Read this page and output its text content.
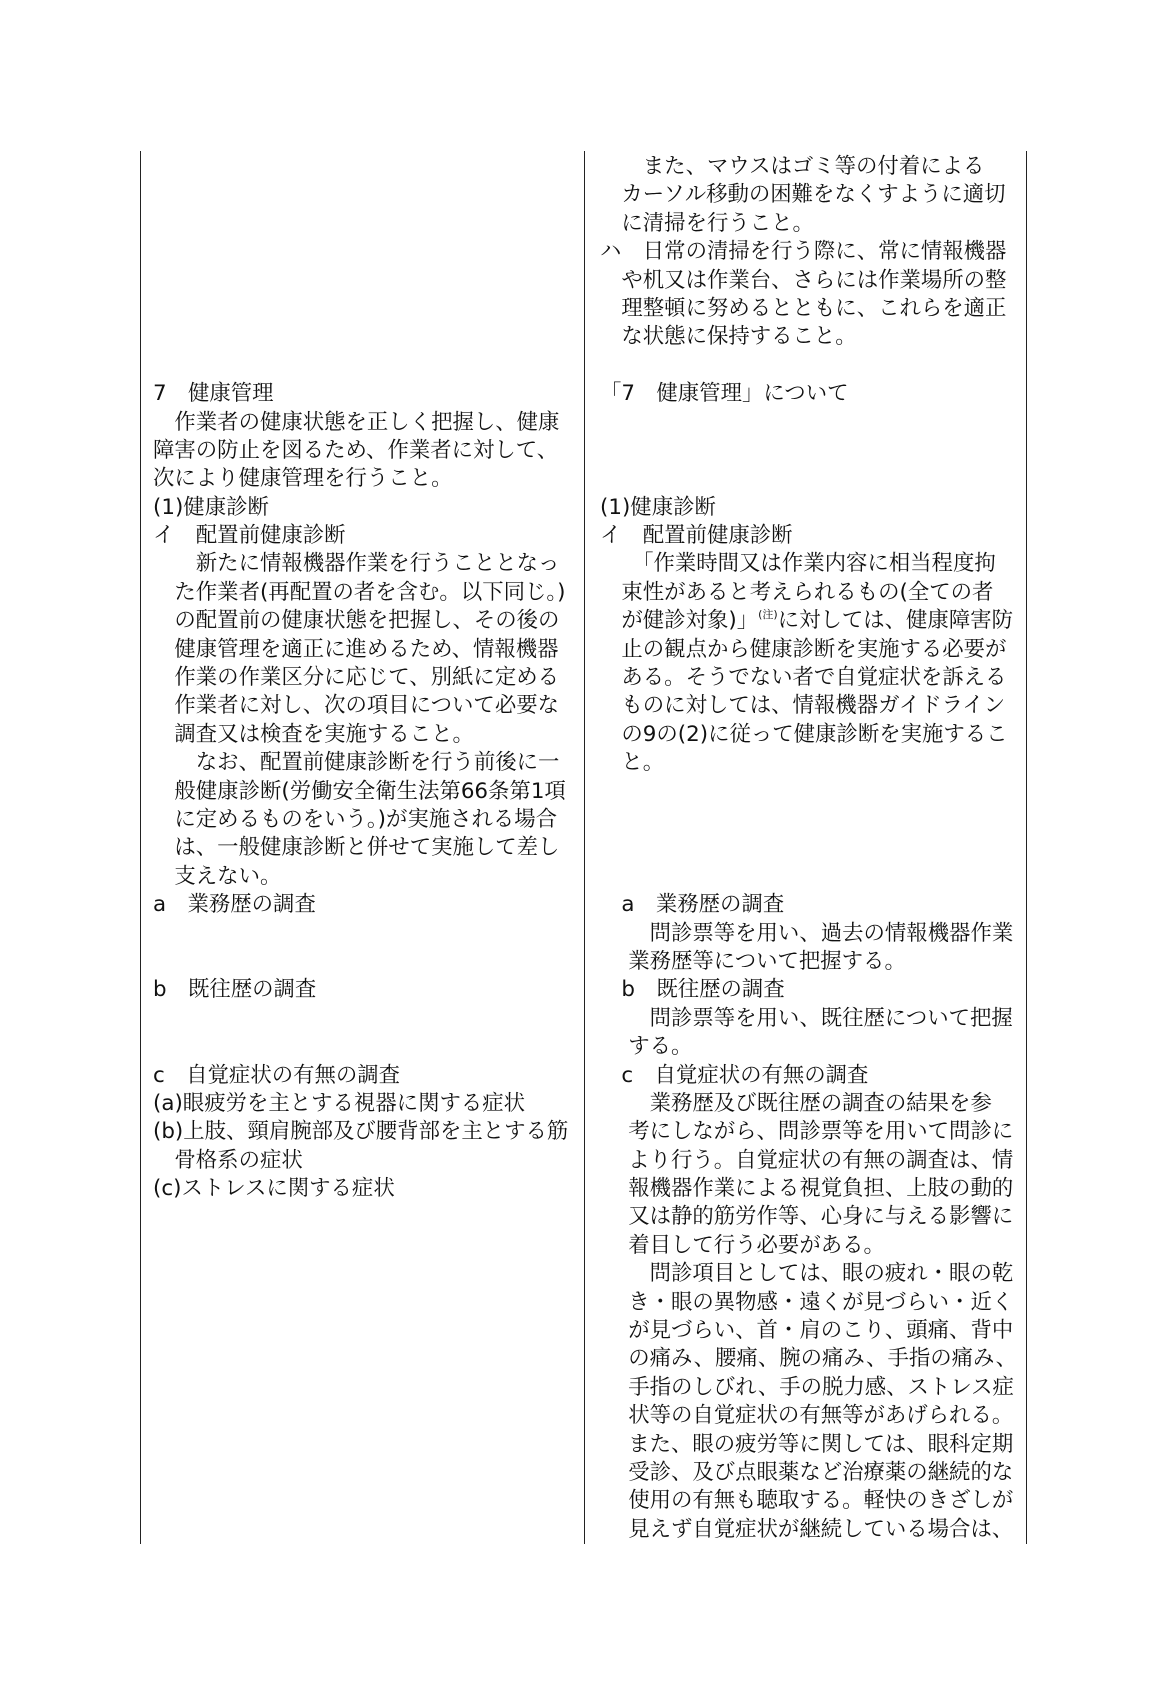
7　健康管理
　作業者の健康状態を正しく把握し、健康
障害の防止を図るため、作業者に対して、
次により健康管理を行うこと。
(1)健康診断
イ　配置前健康診断
　　新たに情報機器作業を行うこととなっ
　た作業者(再配置の者を含む。以下同じ。)
　の配置前の健康状態を把握し、その後の
　健康管理を適正に進めるため、情報機器
　作業の作業区分に応じて、別紙に定める
　作業者に対し、次の項目について必要な
　調査又は検査を実施すること。
　　なお、配置前健康診断を行う前後に一
　般健康診断(労働安全衛生法第66条第1項
　に定めるものをいう。)が実施される場合
　は、一般健康診断と併せて実施して差し
　支えない。
a　業務歴の調査
b　既往歴の調査
c　自覚症状の有無の調査
(a)眼疲労を主とする視器に関する症状
(b)上肢、頸肩腕部及び腰背部を主とする筋
　骨格系の症状
(c)ストレスに関する症状
　　また、マウスはゴミ等の付着による
　カーソル移動の困難をなくすように適切
　に清掃を行うこと。
ハ　日常の清掃を行う際に、常に情報機器
　や机又は作業台、さらには作業場所の整
　理整頓に努めるとともに、これらを適正
　な状態に保持すること。
「7　健康管理」について
(1)健康診断
イ　配置前健康診断
　　「作業時間又は作業内容に相当程度拘
　束性があると考えられるもの(全ての者
　が健診対象)」$^{(注)}$に対しては、健康障害防
　止の観点から健康診断を実施する必要が
　ある。そうでない者で自覚症状を訴える
　ものに対しては、情報機器ガイドライン
　の9の(2)に従って健康診断を実施するこ
　と。
　a　業務歴の調査
　　 問診票等を用い、過去の情報機器作業
　 業務歴等について把握する。
　b　既往歴の調査
　　 問診票等を用い、既往歴について把握
　 する。
　c　自覚症状の有無の調査
　　 業務歴及び既往歴の調査の結果を参
　 考にしながら、問診票等を用いて問診に
　 より行う。自覚症状の有無の調査は、情
　 報機器作業による視覚負担、上肢の動的
　 又は静的筋労作等、心身に与える影響に
　 着目して行う必要がある。
　　 問診項目としては、眼の疲れ・眼の乾
　 き・眼の異物感・遠くが見づらい・近く
　 が見づらい、首・肩のこり、頭痛、背中
　 の痛み、腰痛、腕の痛み、手指の痛み、
　 手指のしびれ、手の脱力感、ストレス症
　 状等の自覚症状の有無等があげられる。
　 また、眼の疲労等に関しては、眼科定期
　 受診、及び点眼薬など治療薬の継続的な
　 使用の有無も聴取する。軽快のきざしが
　 見えず自覚症状が継続している場合は、
